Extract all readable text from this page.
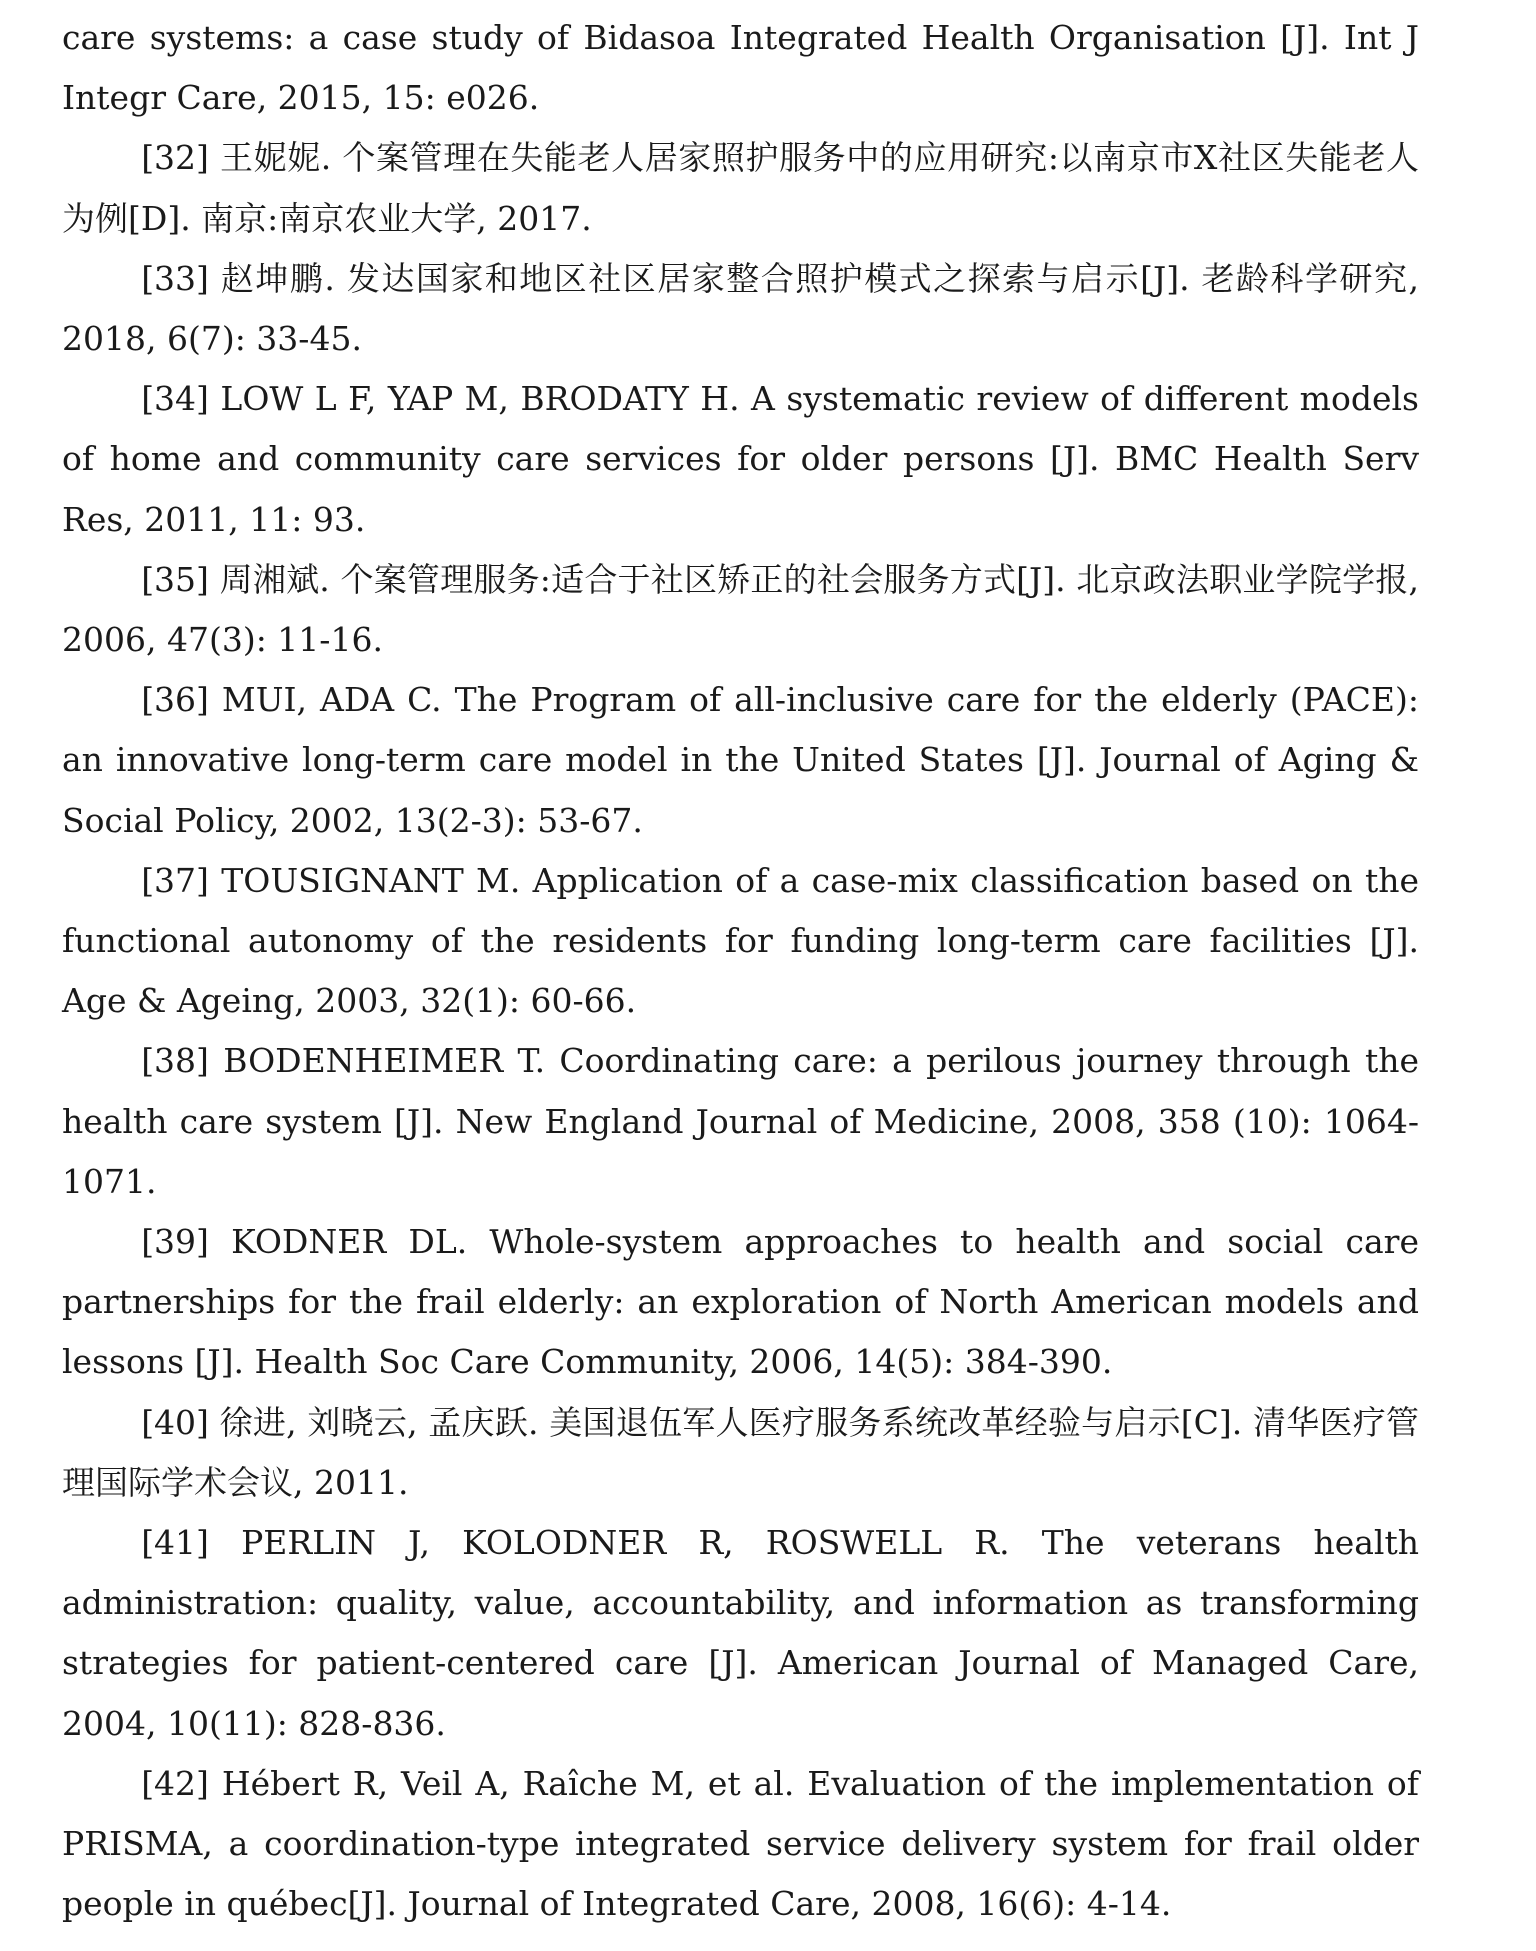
care systems: a case study of Bidasoa Integrated Health Organisation [J]. Int J Integr Care, 2015, 15: e026.

[32] 王妮妮. 个案管理在失能老人居家照护服务中的应用研究:以南京市X社区失能老人为例[D]. 南京:南京农业大学, 2017.

[33] 赵坤鹏. 发达国家和地区社区居家整合照护模式之探索与启示[J]. 老龄科学研究, 2018, 6(7): 33-45.

[34] LOW L F, YAP M, BRODATY H. A systematic review of different models of home and community care services for older persons [J]. BMC Health Serv Res, 2011, 11: 93.

[35] 周湘斌. 个案管理服务:适合于社区矫正的社会服务方式[J]. 北京政法职业学院学报, 2006, 47(3): 11-16.

[36] MUI, ADA C. The Program of all-inclusive care for the elderly (PACE): an innovative long-term care model in the United States [J]. Journal of Aging & Social Policy, 2002, 13(2-3): 53-67.

[37] TOUSIGNANT M. Application of a case-mix classification based on the functional autonomy of the residents for funding long-term care facilities [J]. Age & Ageing, 2003, 32(1): 60-66.

[38] BODENHEIMER T. Coordinating care: a perilous journey through the health care system [J]. New England Journal of Medicine, 2008, 358 (10): 1064-1071.

[39] KODNER DL. Whole-system approaches to health and social care partnerships for the frail elderly: an exploration of North American models and lessons [J]. Health Soc Care Community, 2006, 14(5): 384-390.

[40] 徐进, 刘晓云, 孟庆跃. 美国退伍军人医疗服务系统改革经验与启示[C]. 清华医疗管理国际学术会议, 2011.

[41] PERLIN J, KOLODNER R, ROSWELL R. The veterans health administration: quality, value, accountability, and information as transforming strategies for patient-centered care [J]. American Journal of Managed Care, 2004, 10(11): 828-836.

[42] Hébert R, Veil A, Raîche M, et al. Evaluation of the implementation of PRISMA, a coordination-type integrated service delivery system for frail older people in québec[J]. Journal of Integrated Care, 2008, 16(6): 4-14.
